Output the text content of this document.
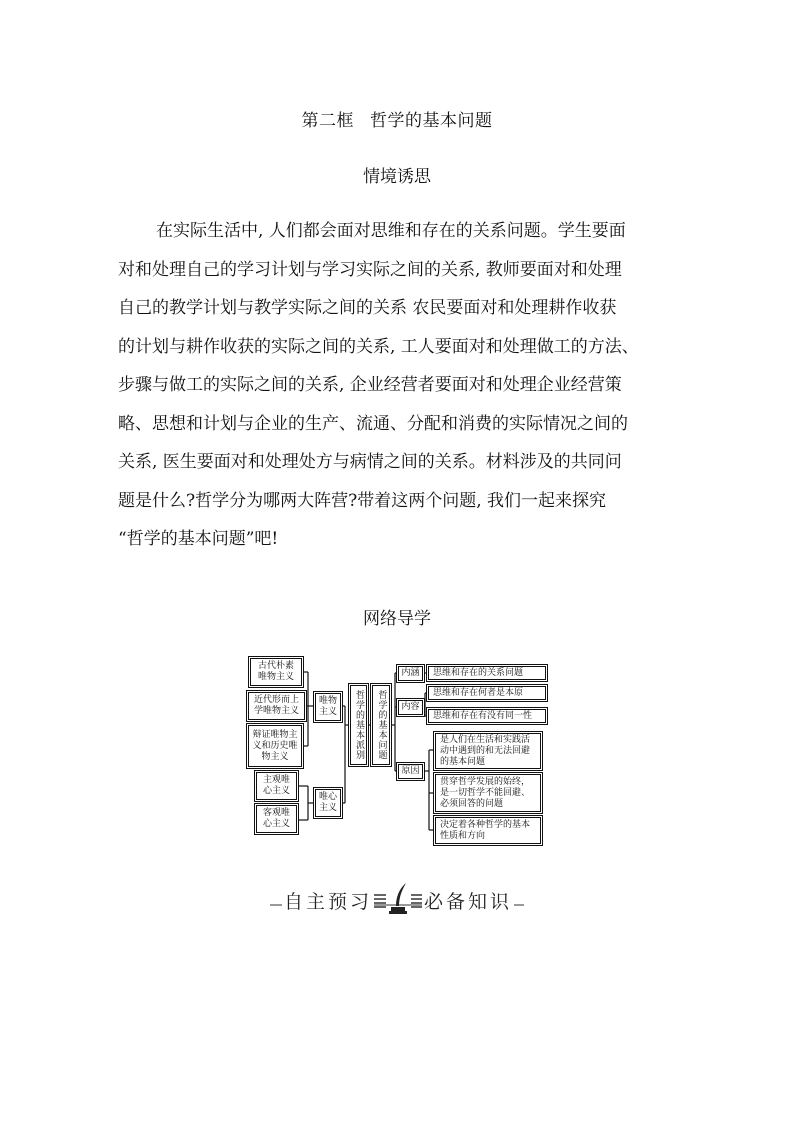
第二框 哲学的基本问题
情境诱思
在实际生活中, 人们都会面对思维和存在的关系问题。学生要面
对和处理自己的学习计划与学习实际之间的关系, 教师要面对和处理
自己的教学计划与教学实际之间的关系 农民要面对和处理耕作收获
的计划与耕作收获的实际之间的关系, 工人要面对和处理做工的方法、
步骤与做工的实际之间的关系, 企业经营者要面对和处理企业经营策
略、思想和计划与企业的生产、流通、分配和消费的实际情况之间的
关系, 医生要面对和处理处方与病情之间的关系。材料涉及的共同问
题是什么?哲学分为哪两大阵营?带着这两个问题, 我们一起来探究
“哲学的基本问题”吧!
网络导学
古代朴素唯物主义
近代形而上学唯物主义
辩证唯物主义和历史唯物主义
主观唯心主义
客观唯心主义
唯物主义
唯心主义
哲学的基本派别 哲学的基本问题
内涵
内容
原因
思维和存在的关系问题
思维和存在何者是本原
思维和存在有没有同一性
是人们在生活和实践活动中遇到的和无法回避的基本问题
贯穿哲学发展的始终，是一切哲学不能回避、必须回答的问题
决定着各种哲学的基本性质和方向
自主预习	必备知识
